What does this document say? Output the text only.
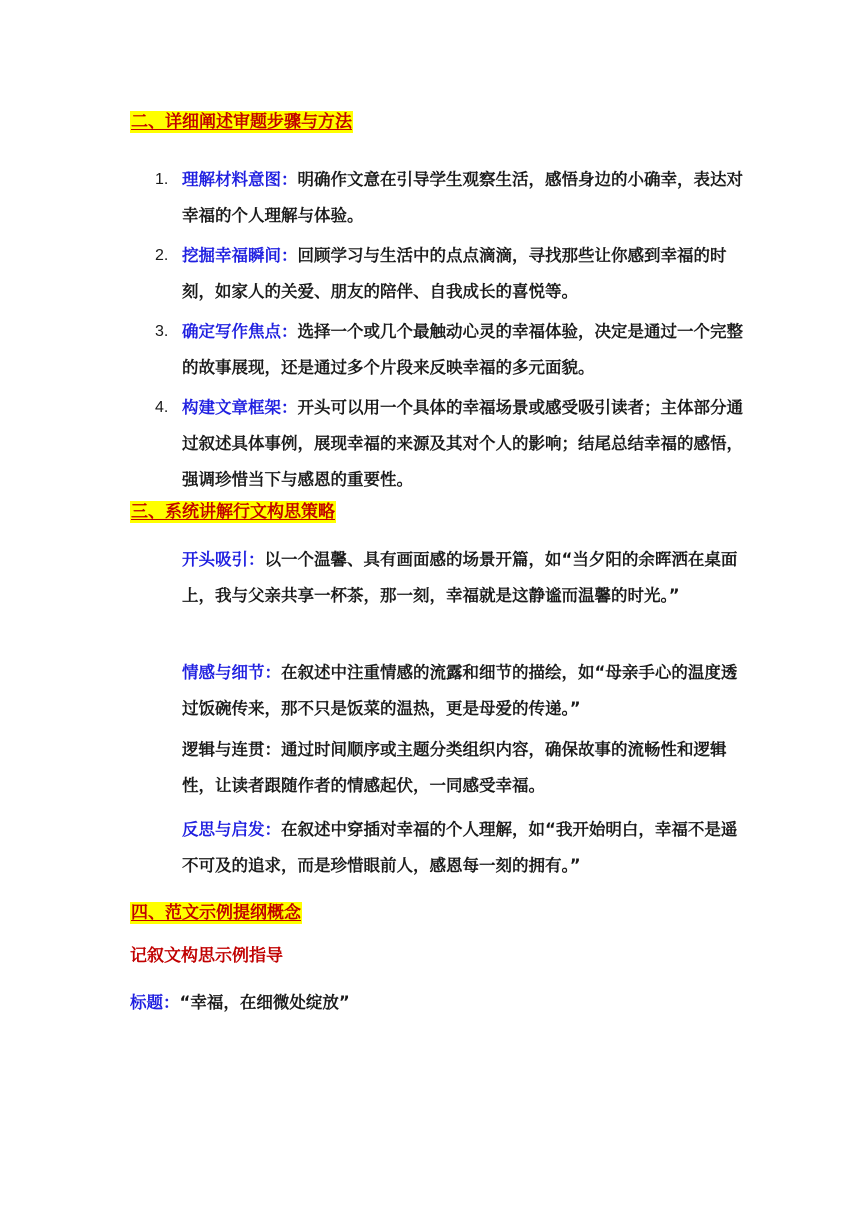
二、详细阐述审题步骤与方法
1. 理解材料意图：明确作文意在引导学生观察生活，感悟身边的小确幸，表达对幸福的个人理解与体验。
2. 挖掘幸福瞬间：回顾学习与生活中的点点滴滴，寻找那些让你感到幸福的时刻，如家人的关爱、朋友的陪伴、自我成长的喜悦等。
3. 确定写作焦点：选择一个或几个最触动心灵的幸福体验，决定是通过一个完整的故事展现，还是通过多个片段来反映幸福的多元面貌。
4. 构建文章框架：开头可以用一个具体的幸福场景或感受吸引读者；主体部分通过叙述具体事例，展现幸福的来源及其对个人的影响；结尾总结幸福的感悟，强调珍惜当下与感恩的重要性。
三、系统讲解行文构思策略
开头吸引：以一个温馨、具有画面感的场景开篇，如“当夕阳的余晖洒在桌面上，我与父亲共享一杯茶，那一刻，幸福就是这静谧而温馨的时光。”
情感与细节：在叙述中注重情感的流露和细节的描绘，如“母亲手心的温度透过饭碗传来，那不只是饭菜的温热，更是母爱的传递。”
逻辑与连贯：通过时间顺序或主题分类组织内容，确保故事的流畅性和逻辑性，让读者跟随作者的情感起伏，一同感受幸福。
反思与启发：在叙述中穿插对幸福的个人理解，如“我开始明白，幸福不是遥不可及的追求，而是珍惜眼前人，感恩每一刻的拥有。”
四、范文示例提纲概念
记叙文构思示例指导
标题：“幸福，在细微处绽放”
